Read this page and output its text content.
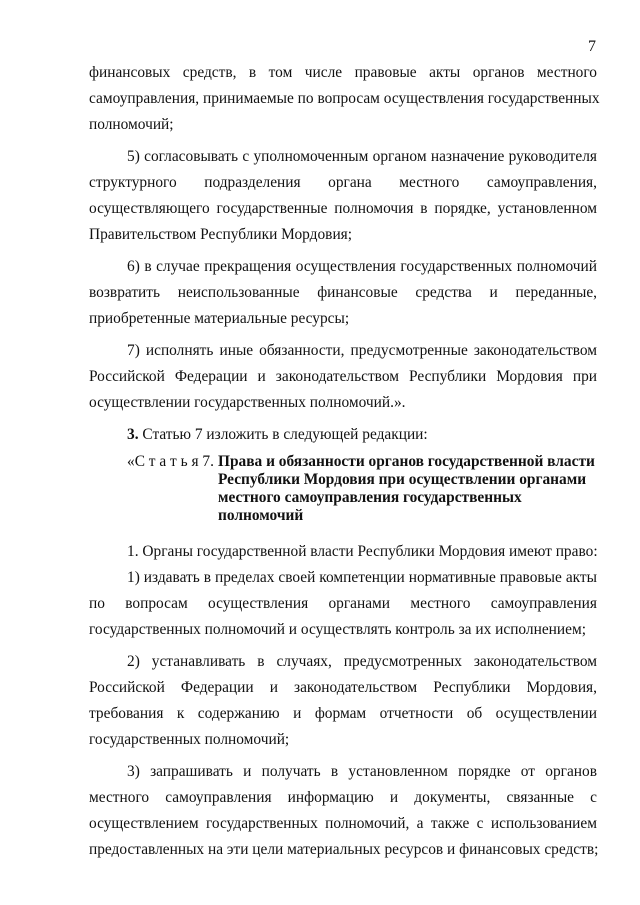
7

финансовых средств, в том числе правовые акты органов местного

самоуправления, принимаемые по вопросам осуществления государственных

полномочий;

5) согласовывать с уполномоченным органом назначение руководителя

структурного подразделения органа местного самоуправления,

осуществляющего государственные полномочия в порядке, установленном

Правительством Республики Мордовия;

6) в случае прекращения осуществления государственных полномочий

возвратить неиспользованные финансовые средства и переданные,

приобретенные материальные ресурсы;

7) исполнять иные обязанности, предусмотренные законодательством

Российской Федерации и законодательством Республики Мордовия при

осуществлении государственных полномочий.».

3. Статью 7 изложить в следующей редакции:

«С т а т ь я 7. Права и обязанности органов государственной власти
Республики Мордовия при осуществлении органами
местного самоуправления государственных
полномочий

1. Органы государственной власти Республики Мордовия имеют право:

1) издавать в пределах своей компетенции нормативные правовые акты

по вопросам осуществления органами местного самоуправления

государственных полномочий и осуществлять контроль за их исполнением;

2) устанавливать в случаях, предусмотренных законодательством

Российской Федерации и законодательством Республики Мордовия,

требования к содержанию и формам отчетности об осуществлении

государственных полномочий;

3) запрашивать и получать в установленном порядке от органов

местного самоуправления информацию и документы, связанные с

осуществлением государственных полномочий, а также с использованием

предоставленных на эти цели материальных ресурсов и финансовых средств;
